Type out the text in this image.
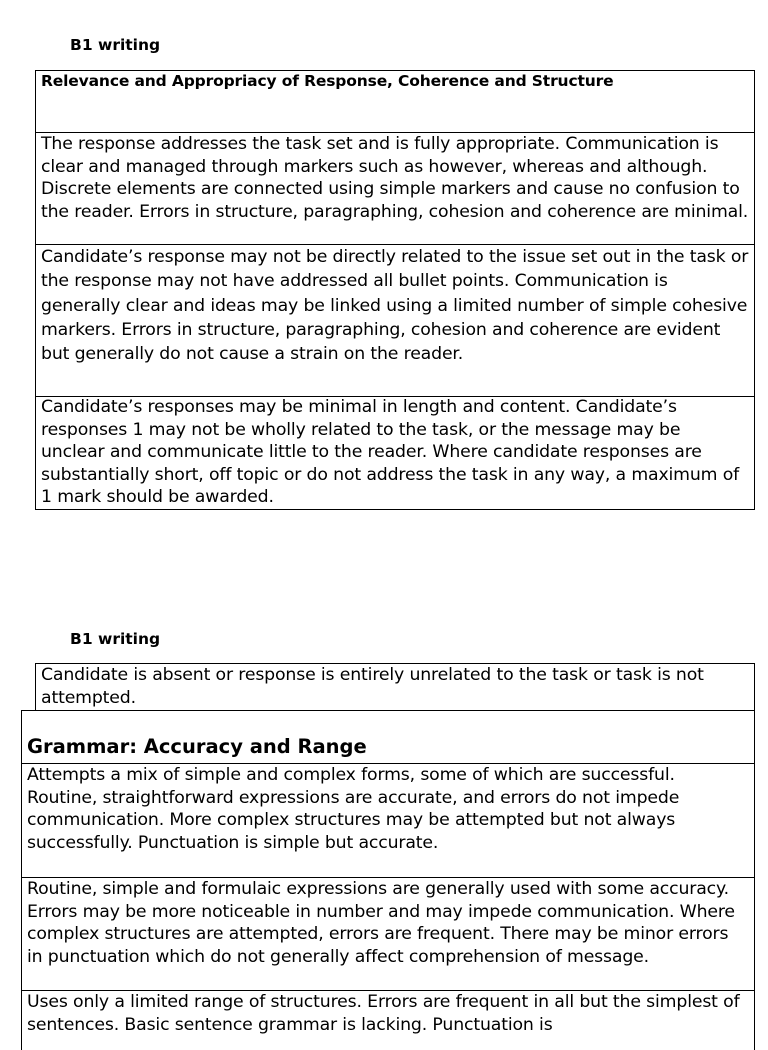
B1 writing
Relevance and Appropriacy of Response, Coherence and Structure
The response addresses the task set and is fully appropriate. Communication is clear and managed through markers such as however, whereas and although. Discrete elements are connected using simple markers and cause no confusion to the reader. Errors in structure, paragraphing, cohesion and coherence are minimal.
Candidate’s response may not be directly related to the issue set out in the task or the response may not have addressed all bullet points. Communication is generally clear and ideas may be linked using a limited number of simple cohesive markers. Errors in structure, paragraphing, cohesion and coherence are evident but generally do not cause a strain on the reader.
Candidate’s responses may be minimal in length and content. Candidate’s responses 1 may not be wholly related to the task, or the message may be unclear and communicate little to the reader. Where candidate responses are substantially short, off topic or do not address the task in any way, a maximum of 1 mark should be awarded.
B1 writing
Candidate is absent or response is entirely unrelated to the task or task is not attempted.
Grammar: Accuracy and Range
Attempts a mix of simple and complex forms, some of which are successful. Routine, straightforward expressions are accurate, and errors do not impede communication. More complex structures may be attempted but not always successfully. Punctuation is simple but accurate.
Routine, simple and formulaic expressions are generally used with some accuracy. Errors may be more noticeable in number and may impede communication. Where complex structures are attempted, errors are frequent. There may be minor errors in punctuation which do not generally affect comprehension of message.
Uses only a limited range of structures. Errors are frequent in all but the simplest of sentences. Basic sentence grammar is lacking. Punctuation is
